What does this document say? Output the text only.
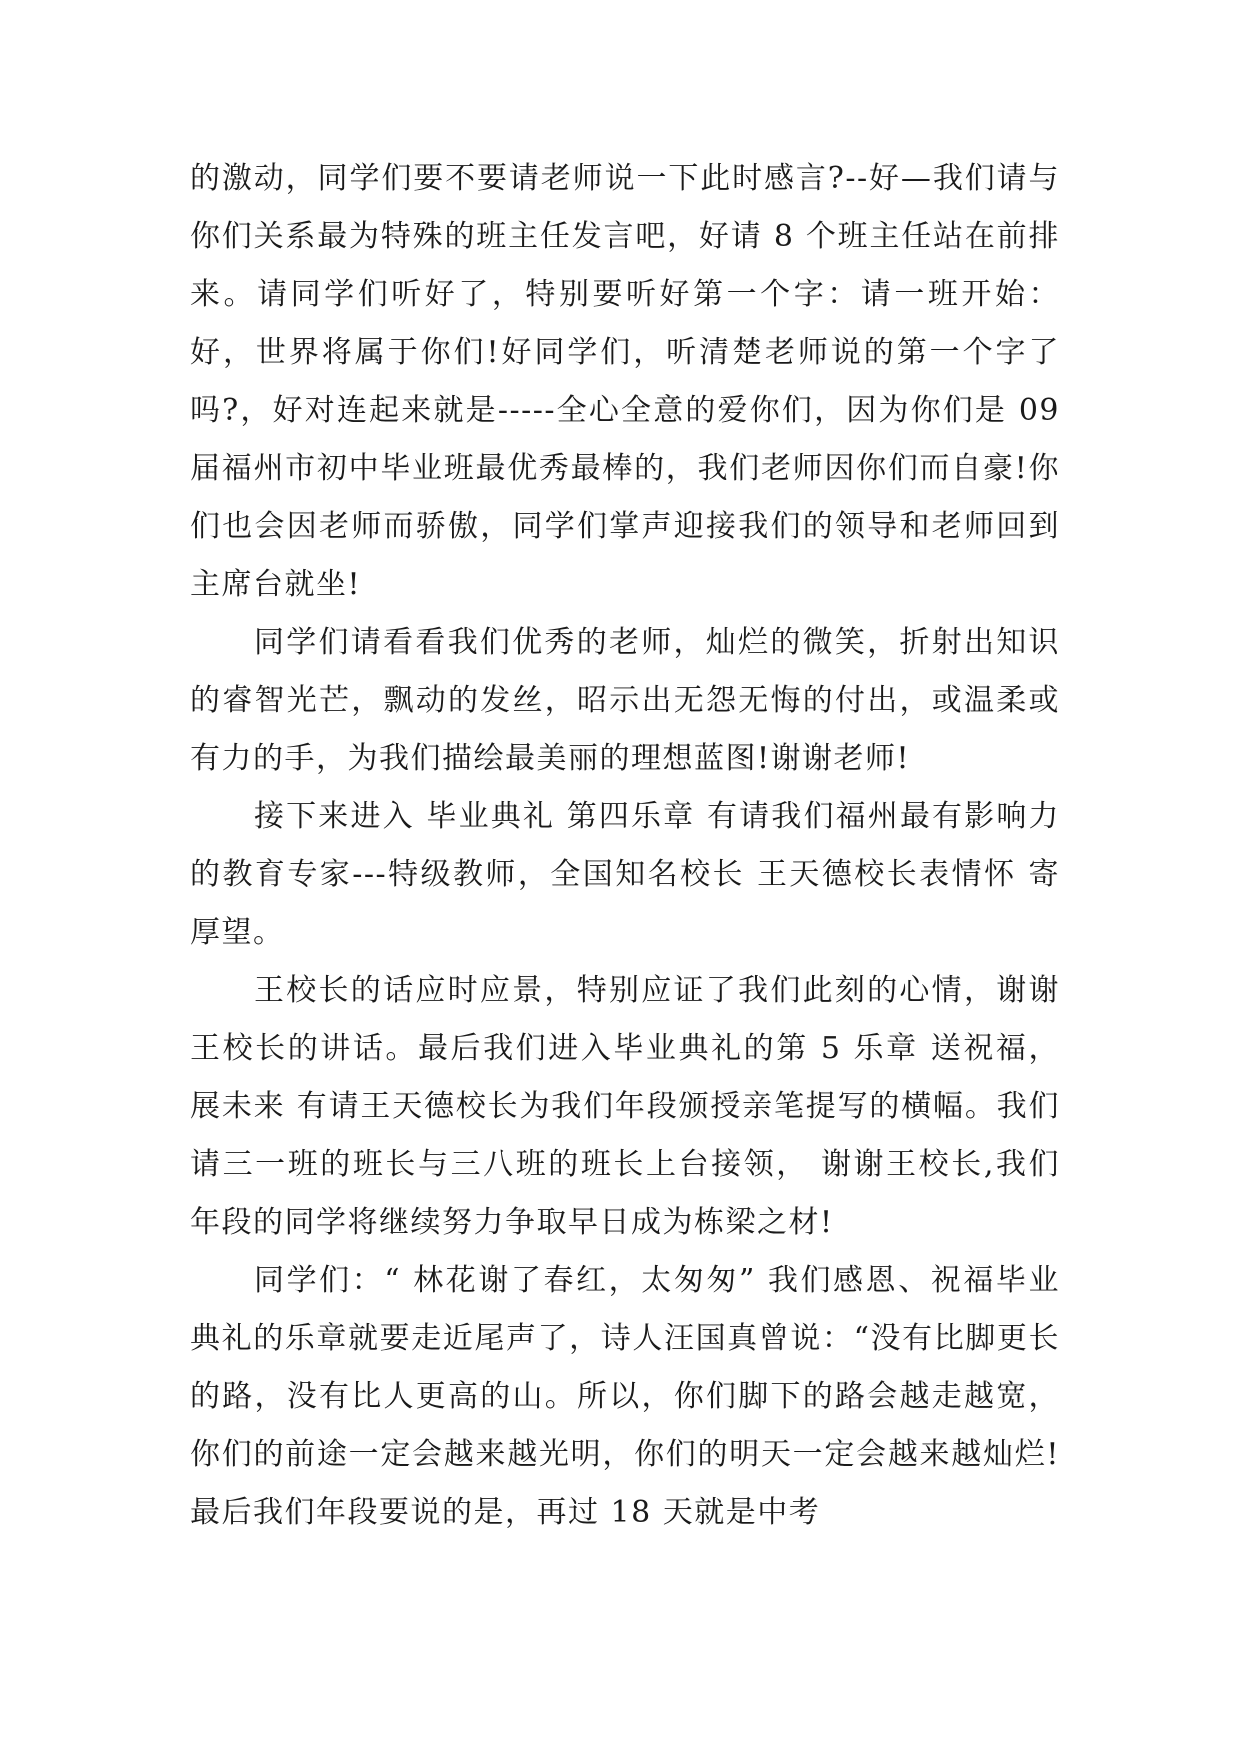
的激动，同学们要不要请老师说一下此时感言?--好—我们请与你们关系最为特殊的班主任发言吧，好请 8 个班主任站在前排来。请同学们听好了，特别要听好第一个字：请一班开始：好，世界将属于你们!好同学们，听清楚老师说的第一个字了吗?，好对连起来就是-----全心全意的爱你们，因为你们是 09 届福州市初中毕业班最优秀最棒的，我们老师因你们而自豪!你们也会因老师而骄傲，同学们掌声迎接我们的领导和老师回到主席台就坐!

同学们请看看我们优秀的老师，灿烂的微笑，折射出知识的睿智光芒，飘动的发丝，昭示出无怨无悔的付出，或温柔或有力的手，为我们描绘最美丽的理想蓝图!谢谢老师!

接下来进入 毕业典礼 第四乐章 有请我们福州最有影响力的教育专家---特级教师，全国知名校长 王天德校长表情怀 寄厚望。

王校长的话应时应景，特别应证了我们此刻的心情，谢谢王校长的讲话。最后我们进入毕业典礼的第 5 乐章 送祝福，展未来 有请王天德校长为我们年段颁授亲笔提写的横幅。我们请三一班的班长与三八班的班长上台接领， 谢谢王校长,我们年段的同学将继续努力争取早日成为栋梁之材!

同学们：“ 林花谢了春红，太匆匆” 我们感恩、祝福毕业典礼的乐章就要走近尾声了，诗人汪国真曾说：“没有比脚更长的路，没有比人更高的山。所以，你们脚下的路会越走越宽，你们的前途一定会越来越光明，你们的明天一定会越来越灿烂!最后我们年段要说的是，再过 18 天就是中考
